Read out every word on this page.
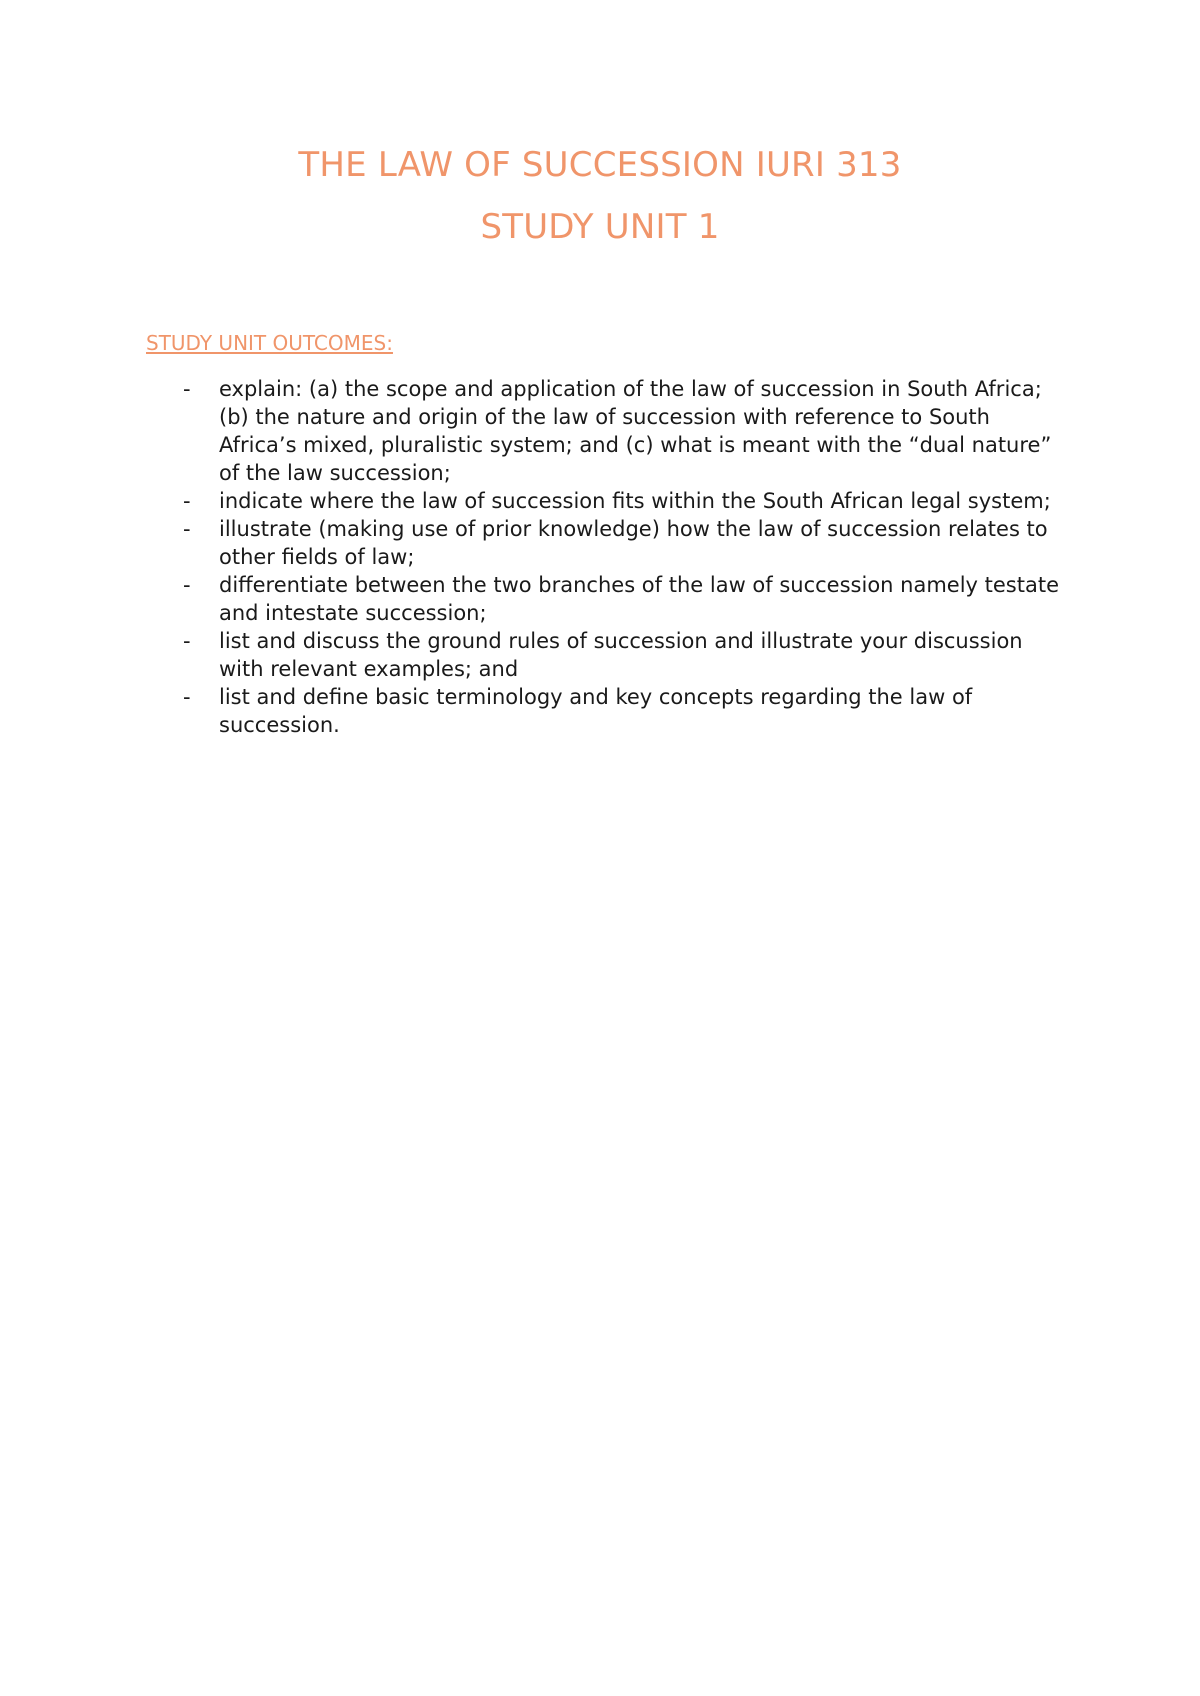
THE LAW OF SUCCESSION IURI 313
STUDY UNIT 1
STUDY UNIT OUTCOMES:
-	explain: (a) the scope and application of the law of succession in South Africa; (b) the nature and origin of the law of succession with reference to South Africa’s mixed, pluralistic system; and (c) what is meant with the “dual nature” of the law succession;
-	indicate where the law of succession fits within the South African legal system;
-	illustrate (making use of prior knowledge) how the law of succession relates to other fields of law;
-	differentiate between the two branches of the law of succession namely testate and intestate succession;
-	list and discuss the ground rules of succession and illustrate your discussion with relevant examples; and
-	list and define basic terminology and key concepts regarding the law of succession.
